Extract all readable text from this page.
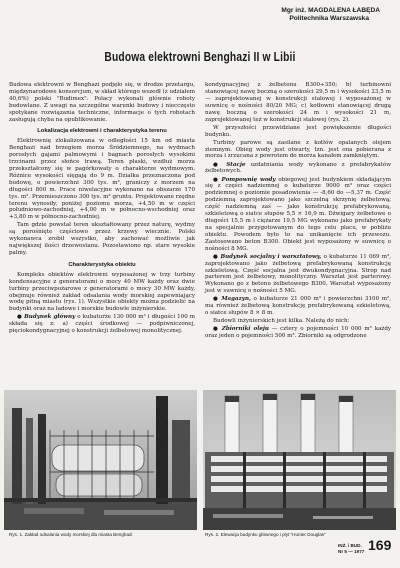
Mgr inż. MAGDALENA ŁABĘDA
Politechnika Warszawska
Budowa elektrowni Benghazi II w Libii

Budowa elektrowni w Benghazi podjęło się, w drodze przetargu, międzynarodowe konsorcjum, w skład którego wszedł (z udziałem 40,6%) polski "Budimex". Polacy wykonali głównie roboty budowlane. Z uwagi na szczególne warunki budowy i niecczęsto spotykane rozwiązania techniczne, informacje o tych robotach zasługują chyba na opublikowanie.

Lokalizacja elektrowni i charakterystyka terenu

Elektrownię zlokalizowana w odległości 15 km od miasta Benghazi nad brzegiem morza Śródziemnego, na wydmach porosłych gajami palmowymi i bagnach porosłych wysokimi trzcinami przez słońce trawą. Teren płaski, wzdłuż morza przekształcony się w pagórkowaty o charakterze wydmowym. Różnice wysokości sięgają do 9 m. Działka przeznaczona pod budowę, o powierzchni 300 tys. m², graniczy z morzem na długości 800 m. Prace niwelacyjne wykonano na obszarze 170 tys. m². Przemieszczono 300 tys. m³ gruntu. Projektowane rzędne terenu wynosiły, poniżej poziomu morza, +4,50 m w części południowo-zachodniej, +4,00 m w północno-wschodniej oraz +3,80 m w północno-zachodniej.

Tam gdzie powstał teren ukształtowany przez naturę, wydmy są porośnięte częściowo przez krzewy wiecznie. Polski wykonawca zrobił wszystko, aby zachować możliwie jak największej ilości drzewostanu. Pozostawiono np. stare wysokie palmy.

Charakterystyka obiektu

Kompleks obiektów elektrowni wyposażonej w trzy turbiny kondensacyjne z generatorami o mocy 40 MW każdy oraz dwie turbiny przeciwpożarowe z generatorami o mocy 30 MW każdy, obejmuje również zakład odsalania wody morskiej zapewniający wodę pitną miastu (rys. 1). Wszystkie obiekty można podzielić na budynki oraz na ładowe i morskie budowle inżynierskie.

● Budynek główny o kubaturze 130 000 m³ i długości 100 m składa się z: a) części środkowej — podpiwniczonej, pięciokondygnacyjnej o konstrukcji żelbetowej monolitycznej.

kondygnacyjnej z żelbetonu B300÷350; b) turbinowni stanowiącej nawę boczną o szerokości 29,5 m i wysokości 23,5 m — zaprojektowanej w konstrukcji stalowej i wyposażonej w suwnicę o nośności 80/20 MG; c) kotłowni stanowiącej drugą nawę boczną o szerokości 24 m i wysokości 21 m, zaprojektowanej też w konstrukcji stalowej (rys. 2).

W przyszłości przewidziane jest powiększenie długości budynku.

Turbiny parowe są zasilane z kotłów opalanych olejem ziemnym. Obieg wody jest otwarty, tzn. jest ona pobierana z morza i zrzucana z powrotem do morza kanałem zamkniętym.

● Stacje uzdatniania wody wykonano z prefabrykatów żelbetowych.

● Pompownię wody obiegowej jest budynkiem składającym się z części nadziemnej o kubaturze 9000 m³ oraz części podziemnej o poziomie posadowienia — -8,60 do —5,37 m. Część podziemną zaprojektowano jako szczelną skrzynię żelbetową; część nadziemną zaś — jako konstrukcję prefabrykowaną, szkieletową o siatce słupów 5,5 × 16,9 m. Dźwigary żelbetowe o długości 15,5 m i ciężarze 19,5 MG wykonano jako prefabrykaty na specjalnie przygotowanym do tego celu placu, w pobliżu obiektu. Powodem było to na unikanięcie ich przewozu. Zastosowano beton B300. Obiekt jest wyposażony w suwnicę o nośności 8 MG.

● Budynek socjalny i warsztatowy, o kubaturze 11 069 m³, zaprojektowano jako żelbetową prefabrykowaną konstrukcję szkieletową. Część socjalna jest dwukondygnacyjna. Strop nad parterem jest żelbetowy, monolityczny. Warsztat jest parterowy. Wykonano go z betonu żelbetowego B300. Warsztat wyposażony jest w suwnicę o nośności 5 MG.

● Magazyn, o kubaturze 21 000 m³ i powierzchni 3100 m², ma również żelbetową konstrukcję prefabrykowaną szkieletową, o siatce słupów 8 × 8 m.

Budowli inżynierskich jest kilka. Należą do nich:

● Zbiorniki oleju — cztery o pojemności 10 000 m³ każdy oraz jeden o pojemności 500 m³. Zbiorniki są odgrodzone

Rys. 1. Zakład odsalania wody morskiej dla miasta Benghazi	Rys. 2. Elewacja budynku głównego i plyt "Hunter Douglas"
INŻ. i BUD.
Nr 5 — 1977 169
